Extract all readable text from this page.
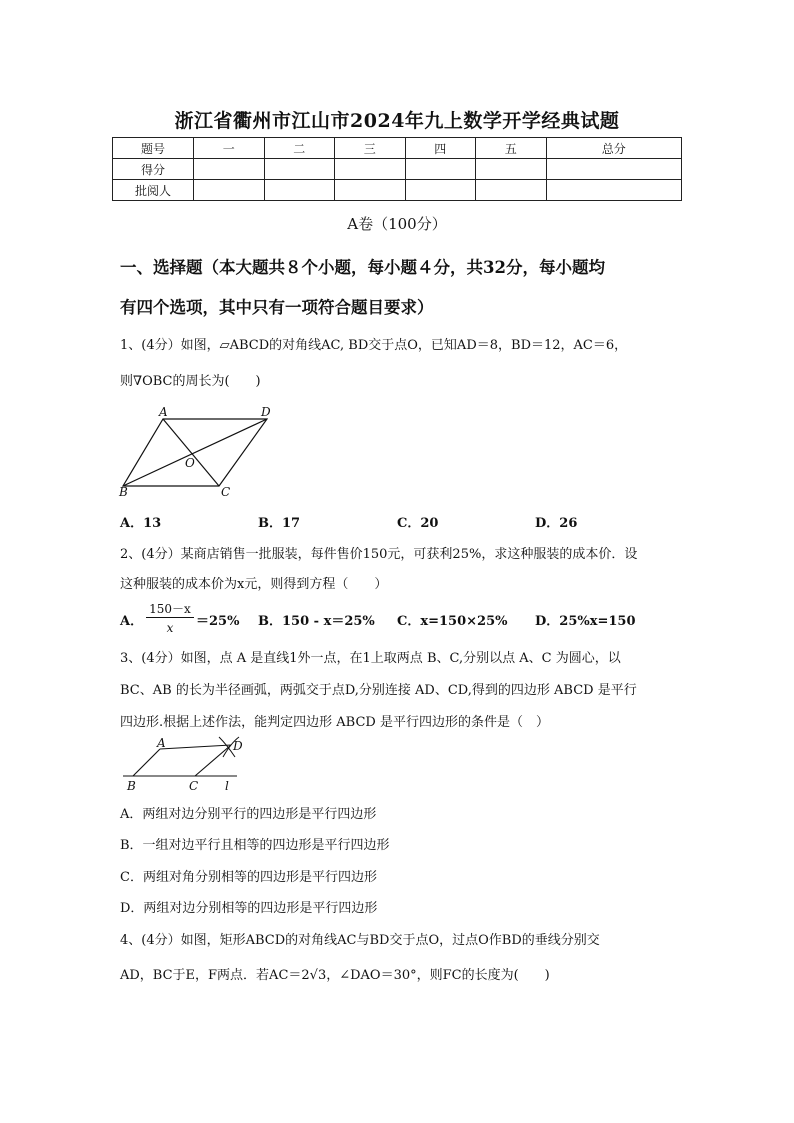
浙江省衢州市江山市2024年九上数学开学经典试题
题号	一	二	三	四	五	总分
得分						
批阅人						
A卷（100分）
一、选择题（本大题共８个小题，每小题４分，共32分，每小题均
有四个选项，其中只有一项符合题目要求）
1、(4分）如图，▱ABCD的对角线AC, BD交于点O，已知AD＝8，BD＝12，AC＝6，
则∇OBC的周长为(　　)
A	D
O
B	C
A．13	B．17	C．20	D．26
2、(4分）某商店销售一批服装，每件售价150元，可获利25%，求这种服装的成本价．设
这种服装的成本价为x元，则得到方程（　　）
A．
150－x
x	＝25% B．150 - x＝25% C．x=150×25% D．25%x=150
3、(4分）如图，点 A 是直线1外一点，在1上取两点 B、C,分别以点 A、C 为圆心，以
BC、AB 的长为半径画弧，两弧交于点D,分别连接 AD、CD,得到的四边形 ABCD 是平行
四边形.根据上述作法，能判定四边形 ABCD 是平行四边形的条件是（　）
A	D
B	C l
A．两组对边分别平行的四边形是平行四边形
B．一组对边平行且相等的四边形是平行四边形
C．两组对角分别相等的四边形是平行四边形
D．两组对边分别相等的四边形是平行四边形
4、(4分）如图，矩形ABCD的对角线AC与BD交于点O，过点O作BD的垂线分别交
AD，BC于E，F两点．若AC＝2√3，∠DAO＝30°，则FC的长度为(　　)
